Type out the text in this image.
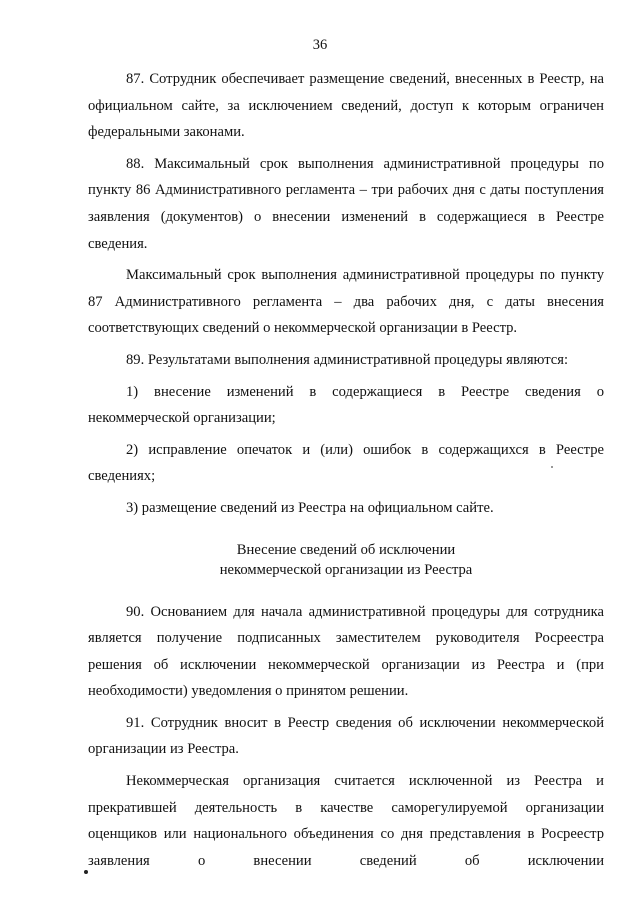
36

87. Сотрудник обеспечивает размещение сведений, внесенных в Реестр, на официальном сайте, за исключением сведений, доступ к которым ограничен федеральными законами.

88. Максимальный срок выполнения административной процедуры по пункту 86 Административного регламента – три рабочих дня с даты поступления заявления (документов) о внесении изменений в содержащиеся в Реестре сведения.

Максимальный срок выполнения административной процедуры по пункту 87 Административного регламента – два рабочих дня, с даты внесения соответствующих сведений о некоммерческой организации в Реестр.

89. Результатами выполнения административной процедуры являются:

1) внесение изменений в содержащиеся в Реестре сведения о некоммерческой организации;

2) исправление опечаток и (или) ошибок в содержащихся в Реестре сведениях;

3) размещение сведений из Реестра на официальном сайте.

Внесение сведений об исключении
некоммерческой организации из Реестра

90. Основанием для начала административной процедуры для сотрудника является получение подписанных заместителем руководителя Росреестра решения об исключении некоммерческой организации из Реестра и (при необходимости) уведомления о принятом решении.

91. Сотрудник вносит в Реестр сведения об исключении некоммерческой организации из Реестра.

Некоммерческая организация считается исключенной из Реестра и прекратившей деятельность в качестве саморегулируемой организации оценщиков или национального объединения со дня представления в Росреестр заявления о внесении сведений об исключении
